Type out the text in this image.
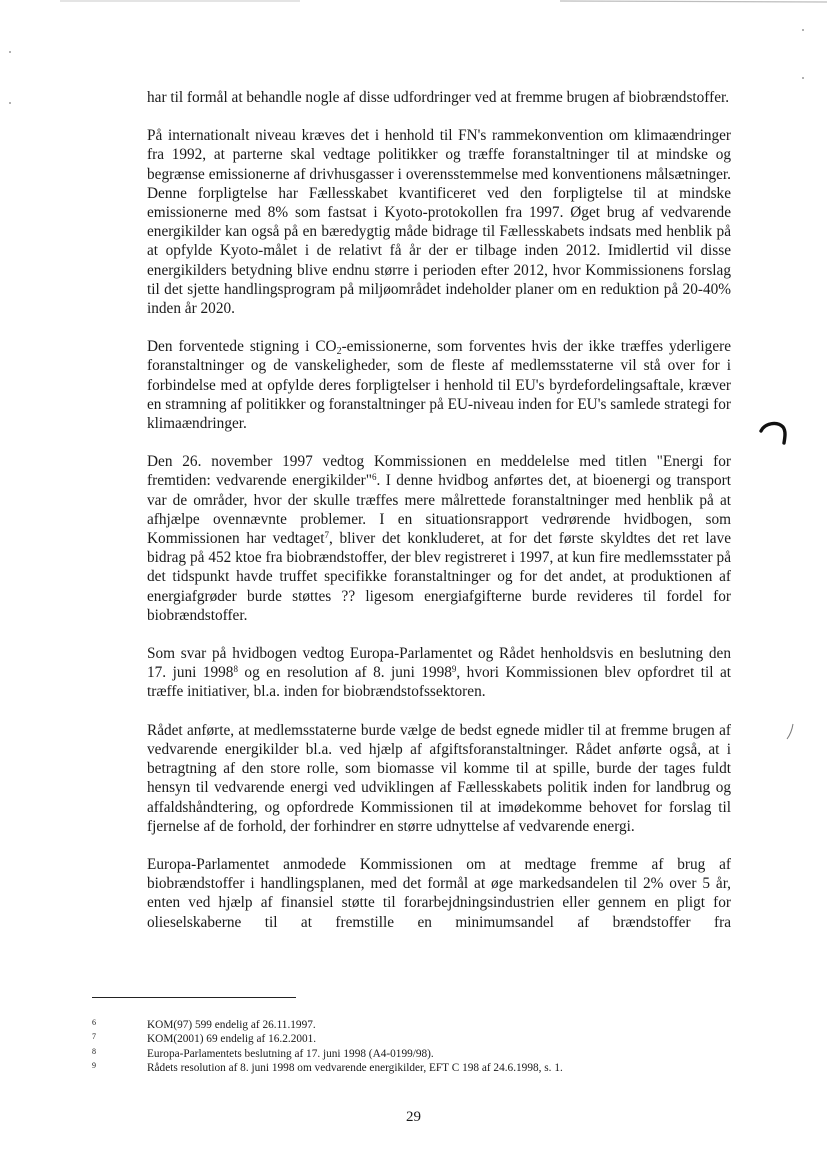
har til formål at behandle nogle af disse udfordringer ved at fremme brugen af biobrændstoffer.

På internationalt niveau kræves det i henhold til FN's rammekonvention om klimaændringer fra 1992, at parterne skal vedtage politikker og træffe foranstaltninger til at mindske og begrænse emissionerne af drivhusgasser i overensstemmelse med konventionens målsætninger. Denne forpligtelse har Fællesskabet kvantificeret ved den forpligtelse til at mindske emissionerne med 8% som fastsat i Kyoto-protokollen fra 1997. Øget brug af vedvarende energikilder kan også på en bæredygtig måde bidrage til Fællesskabets indsats med henblik på at opfylde Kyoto-målet i de relativt få år der er tilbage inden 2012. Imidlertid vil disse energikilders betydning blive endnu større i perioden efter 2012, hvor Kommissionens forslag til det sjette handlingsprogram på miljøområdet indeholder planer om en reduktion på 20-40% inden år 2020.

Den forventede stigning i $CO_2$-emissionerne, som forventes hvis der ikke træffes yderligere foranstaltninger og de vanskeligheder, som de fleste af medlemsstaterne vil stå over for i forbindelse med at opfylde deres forpligtelser i henhold til EU's byrdefordelingsaftale, kræver en stramning af politikker og foranstaltninger på EU-niveau inden for EU's samlede strategi for klimaændringer.

Den 26. november 1997 vedtog Kommissionen en meddelelse med titlen "Energi for fremtiden: vedvarende energikilder"$^6$. I denne hvidbog anførtes det, at bioenergi og transport var de områder, hvor der skulle træffes mere målrettede foranstaltninger med henblik på at afhjælpe ovennævnte problemer. I en situationsrapport vedrørende hvidbogen, som Kommissionen har vedtaget$^7$, bliver det konkluderet, at for det første skyldtes det ret lave bidrag på 452 ktoe fra biobrændstoffer, der blev registreret i 1997, at kun fire medlemsstater på det tidspunkt havde truffet specifikke foranstaltninger og for det andet, at produktionen af energiafgrøder burde støttes ?? ligesom energiafgifterne burde revideres til fordel for biobrændstoffer.

Som svar på hvidbogen vedtog Europa-Parlamentet og Rådet henholdsvis en beslutning den 17. juni 1998$^8$ og en resolution af 8. juni 1998$^9$, hvori Kommissionen blev opfordret til at træffe initiativer, bl.a. inden for biobrændstofssektoren.

Rådet anførte, at medlemsstaterne burde vælge de bedst egnede midler til at fremme brugen af vedvarende energikilder bl.a. ved hjælp af afgiftsforanstaltninger. Rådet anførte også, at i betragtning af den store rolle, som biomasse vil komme til at spille, burde der tages fuldt hensyn til vedvarende energi ved udviklingen af Fællesskabets politik inden for landbrug og affaldshåndtering, og opfordrede Kommissionen til at imødekomme behovet for forslag til fjernelse af de forhold, der forhindrer en større udnyttelse af vedvarende energi.

Europa-Parlamentet anmodede Kommissionen om at medtage fremme af brug af biobrændstoffer i handlingsplanen, med det formål at øge markedsandelen til 2% over 5 år, enten ved hjælp af finansiel støtte til forarbejdningsindustrien eller gennem en pligt for olieselskaberne til at fremstille en minimumsandel af brændstoffer fra

6	KOM(97) 599 endelig af 26.11.1997.
7	KOM(2001) 69 endelig af 16.2.2001.
8	Europa-Parlamentets beslutning af 17. juni 1998 (A4-0199/98).
9	Rådets resolution af 8. juni 1998 om vedvarende energikilder, EFT C 198 af 24.6.1998, s. 1.
29
